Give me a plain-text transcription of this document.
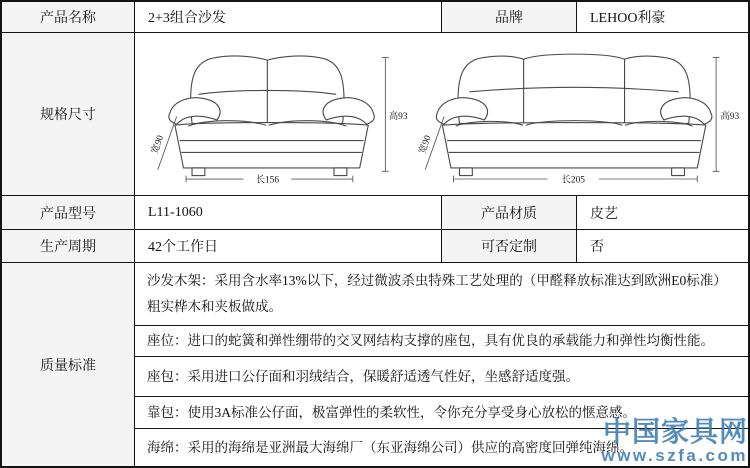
产品名称	2+3组合沙发	品牌	LEHOO利豪
规格尺寸
长156
高93
宽90
长205
高93
宽90
产品型号	L11-1060	产品材质	皮艺
生产周期	42个工作日	可否定制	否
质量标准
沙发木架：采用含水率13%以下，经过微波杀虫特殊工艺处理的（甲醛释放标准达到欧洲E0标准）粗实桦木和夹板做成。
座位：进口的蛇簧和弹性绷带的交叉网结构支撑的座包，具有优良的承载能力和弹性均衡性能。
座包：采用进口公仔面和羽绒结合，保暖舒适透气性好，坐感舒适度强。
靠包：使用3A标准公仔面，极富弹性的柔软性，令你充分享受身心放松的惬意感。
海绵：采用的海绵是亚洲最大海绵厂（东亚海绵公司）供应的高密度回弹纯海绵。
中国家具网
www.szfa.com
